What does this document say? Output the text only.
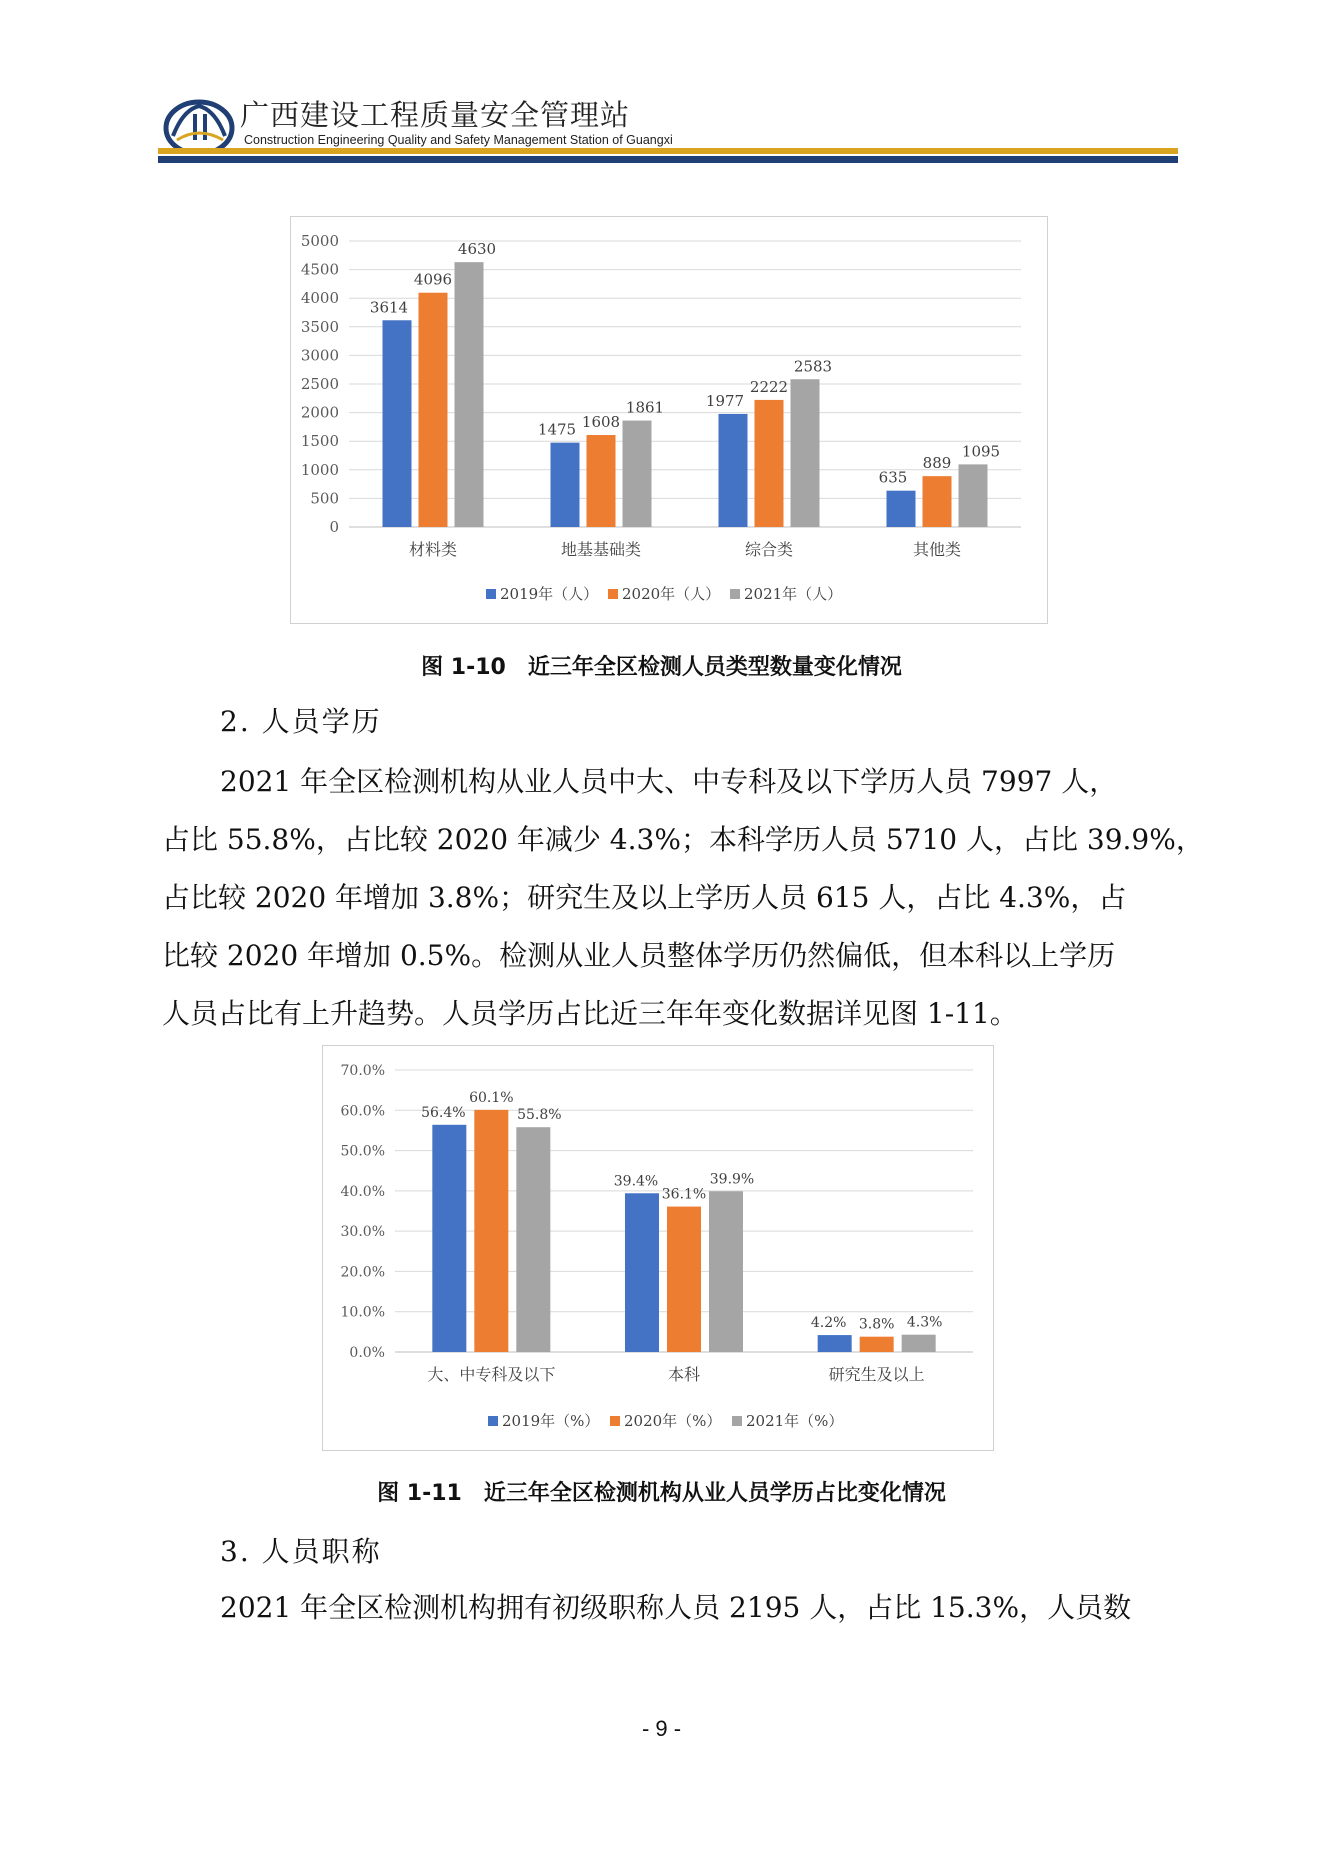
广西建设工程质量安全管理站
Construction Engineering Quality and Safety Management Station of Guangxi
0
500
1000
1500
2000
2500
3000
3500
4000
4500
5000
3614
4096
4630
材料类
1475 1608
1861
地基基础类
1977
2222
2583
综合类
635
889
1095
其他类
2019年（人） 2020年（人） 2021年（人）
图 1-10　近三年全区检测人员类型数量变化情况
2. 人员学历
2021 年全区检测机构从业人员中大、中专科及以下学历人员 7997 人，
占比 55.8%，占比较 2020 年减少 4.3%；本科学历人员 5710 人，占比 39.9%，
占比较 2020 年增加 3.8%；研究生及以上学历人员 615 人，占比 4.3%，占
比较 2020 年增加 0.5%。检测从业人员整体学历仍然偏低，但本科以上学历
人员占比有上升趋势。人员学历占比近三年年变化数据详见图 1-11。
0.0%
10.0%
20.0%
30.0%
40.0%
50.0%
60.0%
70.0%
56.4%
60.1%
55.8%
大、中专科及以下
39.4%
36.1%
39.9%
本科
4.2% 3.8% 4.3%
研究生及以上
2019年（%） 2020年（%） 2021年（%）
图 1-11　近三年全区检测机构从业人员学历占比变化情况
3. 人员职称
2021 年全区检测机构拥有初级职称人员 2195 人，占比 15.3%，人员数
- 9 -
